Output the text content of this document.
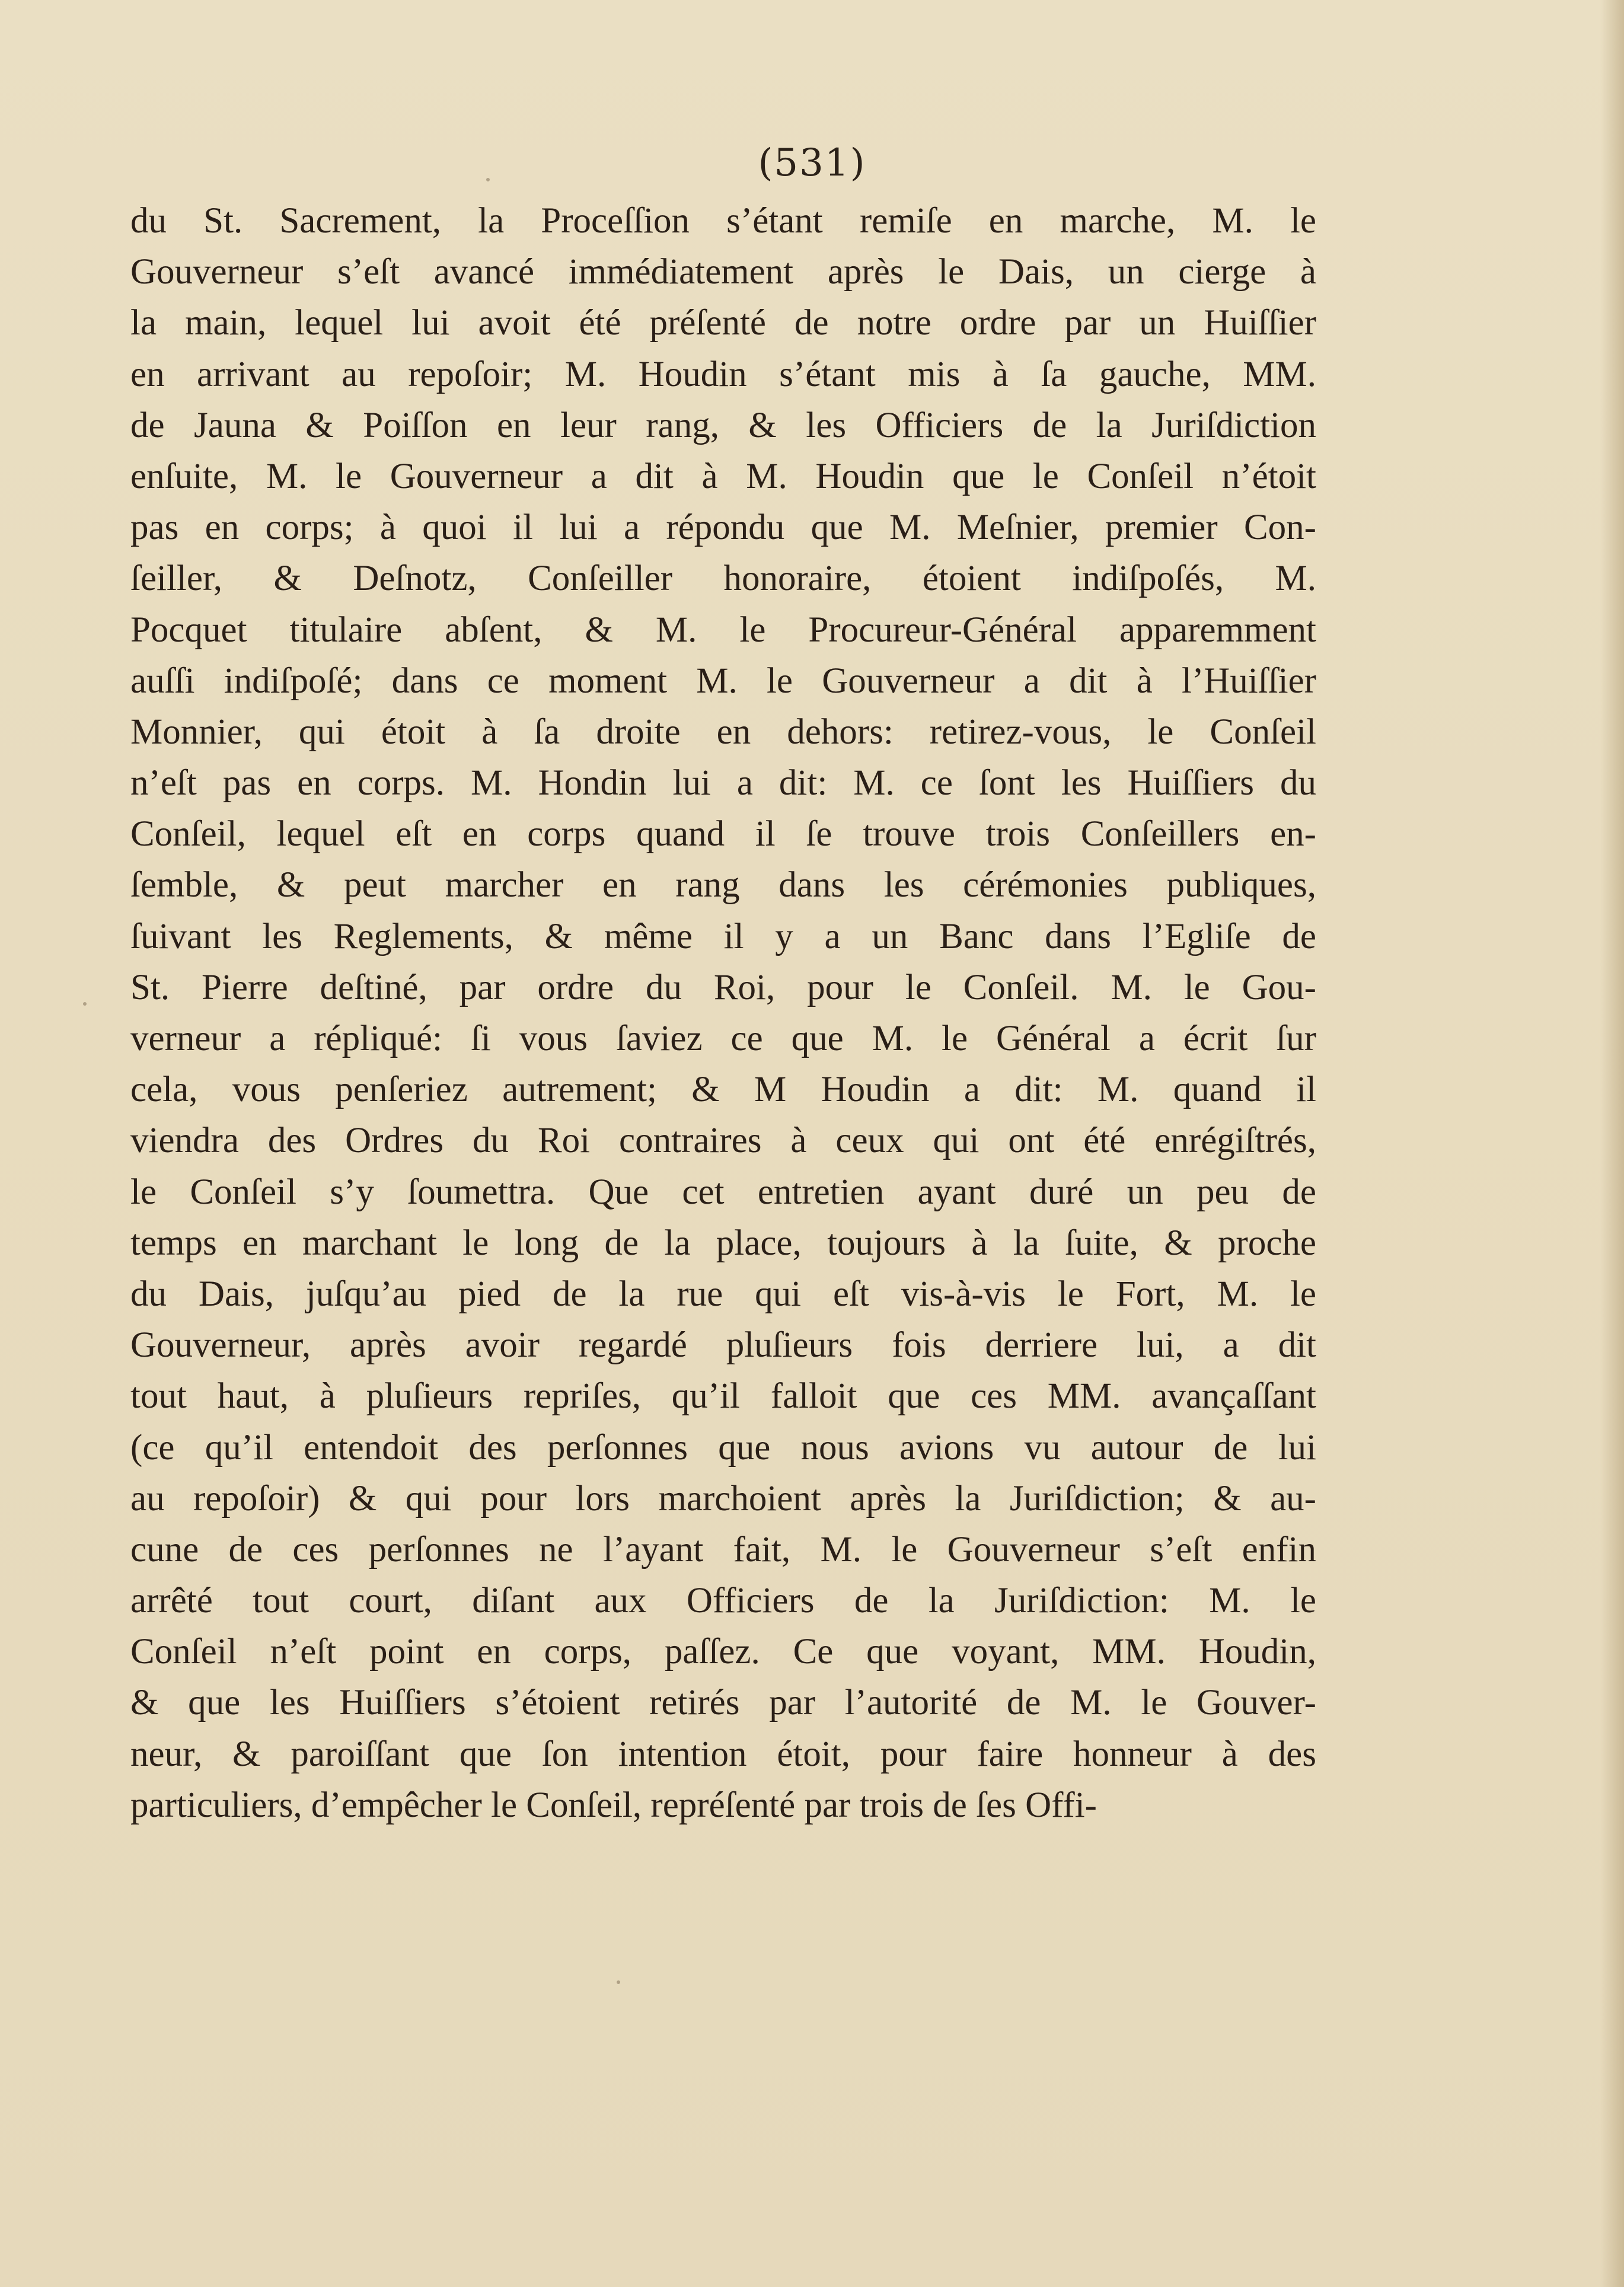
(531)
du St. Sacrement, la Proceſſion s’étant remiſe en marche, M. le
Gouverneur s’eſt avancé immédiatement après le Dais, un cierge à
la main, lequel lui avoit été préſenté de notre ordre par un Huiſſier
en arrivant au repoſoir; M. Houdin s’étant mis à ſa gauche, MM.
de Jauna & Poiſſon en leur rang, & les Officiers de la Juriſdiction
enſuite, M. le Gouverneur a dit à M. Houdin que le Conſeil n’étoit
pas en corps; à quoi il lui a répondu que M. Meſnier, premier Con-
ſeiller, & Deſnotz, Conſeiller honoraire, étoient indiſpoſés, M.
Pocquet titulaire abſent, & M. le Procureur-Général apparemment
auſſi indiſpoſé; dans ce moment M. le Gouverneur a dit à l’Huiſſier
Monnier, qui étoit à ſa droite en dehors: retirez-vous, le Conſeil
n’eſt pas en corps. M. Hondin lui a dit: M. ce ſont les Huiſſiers du
Conſeil, lequel eſt en corps quand il ſe trouve trois Conſeillers en-
ſemble, & peut marcher en rang dans les cérémonies publiques,
ſuivant les Reglements, & même il y a un Banc dans l’Egliſe de
St. Pierre deſtiné, par ordre du Roi, pour le Conſeil. M. le Gou-
verneur a répliqué: ſi vous ſaviez ce que M. le Général a écrit ſur
cela, vous penſeriez autrement; & M Houdin a dit: M. quand il
viendra des Ordres du Roi contraires à ceux qui ont été enrégiſtrés,
le Conſeil s’y ſoumettra. Que cet entretien ayant duré un peu de
temps en marchant le long de la place, toujours à la ſuite, & proche
du Dais, juſqu’au pied de la rue qui eſt vis-à-vis le Fort, M. le
Gouverneur, après avoir regardé pluſieurs fois derriere lui, a dit
tout haut, à pluſieurs repriſes, qu’il falloit que ces MM. avançaſſant
(ce qu’il entendoit des perſonnes que nous avions vu autour de lui
au repoſoir) & qui pour lors marchoient après la Juriſdiction; & au-
cune de ces perſonnes ne l’ayant fait, M. le Gouverneur s’eſt enfin
arrêté tout court, diſant aux Officiers de la Juriſdiction: M. le
Conſeil n’eſt point en corps, paſſez. Ce que voyant, MM. Houdin,
& que les Huiſſiers s’étoient retirés par l’autorité de M. le Gouver-
neur, & paroiſſant que ſon intention étoit, pour faire honneur à des
particuliers, d’empêcher le Conſeil, repréſenté par trois de ſes Offi-
